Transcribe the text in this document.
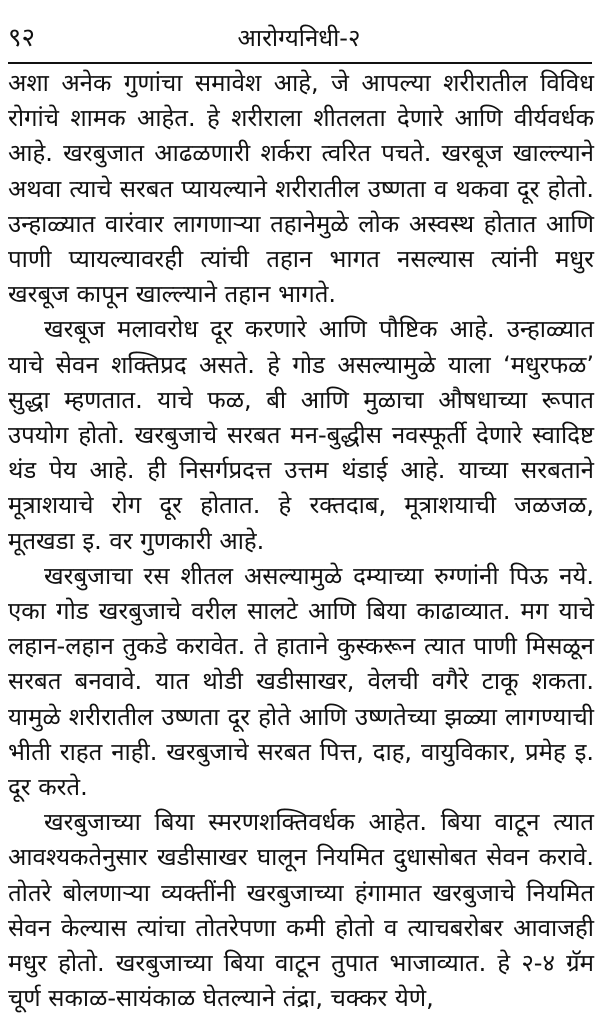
९२	आरोग्यनिधी-२

अशा अनेक गुणांचा समावेश आहे, जे आपल्या शरीरातील विविध रोगांचे शामक आहेत. हे शरीराला शीतलता देणारे आणि वीर्यवर्धक आहे. खरबुजात आढळणारी शर्करा त्वरित पचते. खरबूज खाल्ल्याने अथवा त्याचे सरबत प्यायल्याने शरीरातील उष्णता व थकवा दूर होतो. उन्हाळ्यात वारंवार लागणाऱ्या तहानेमुळे लोक अस्वस्थ होतात आणि पाणी प्यायल्यावरही त्यांची तहान भागत नसल्यास त्यांनी मधुर खरबूज कापून खाल्ल्याने तहान भागते.

खरबूज मलावरोध दूर करणारे आणि पौष्टिक आहे. उन्हाळ्यात याचे सेवन शक्तिप्रद असते. हे गोड असल्यामुळे याला ‘मधुरफळ’ सुद्धा म्हणतात. याचे फळ, बी आणि मुळाचा औषधाच्या रूपात उपयोग होतो. खरबुजाचे सरबत मन-बुद्धीस नवस्फूर्ती देणारे स्वादिष्ट थंड पेय आहे. ही निसर्गप्रदत्त उत्तम थंडाई आहे. याच्या सरबताने मूत्राशयाचे रोग दूर होतात. हे रक्तदाब, मूत्राशयाची जळजळ, मूतखडा इ. वर गुणकारी आहे.

खरबुजाचा रस शीतल असल्यामुळे दम्याच्या रुग्णांनी पिऊ नये. एका गोड खरबुजाचे वरील सालटे आणि बिया काढाव्यात. मग याचे लहान-लहान तुकडे करावेत. ते हाताने कुस्करून त्यात पाणी मिसळून सरबत बनवावे. यात थोडी खडीसाखर, वेलची वगैरे टाकू शकता. यामुळे शरीरातील उष्णता दूर होते आणि उष्णतेच्या झळ्या लागण्याची भीती राहत नाही. खरबुजाचे सरबत पित्त, दाह, वायुविकार, प्रमेह इ. दूर करते.

खरबुजाच्या बिया स्मरणशक्तिवर्धक आहेत. बिया वाटून त्यात आवश्यकतेनुसार खडीसाखर घालून नियमित दुधासोबत सेवन करावे. तोतरे बोलणाऱ्या व्यक्तींनी खरबुजाच्या हंगामात खरबुजाचे नियमित सेवन केल्यास त्यांचा तोतरेपणा कमी होतो व त्याचबरोबर आवाजही मधुर होतो. खरबुजाच्या बिया वाटून तुपात भाजाव्यात. हे २-४ ग्रॅम चूर्ण सकाळ-सायंकाळ घेतल्याने तंद्रा, चक्कर येणे,
